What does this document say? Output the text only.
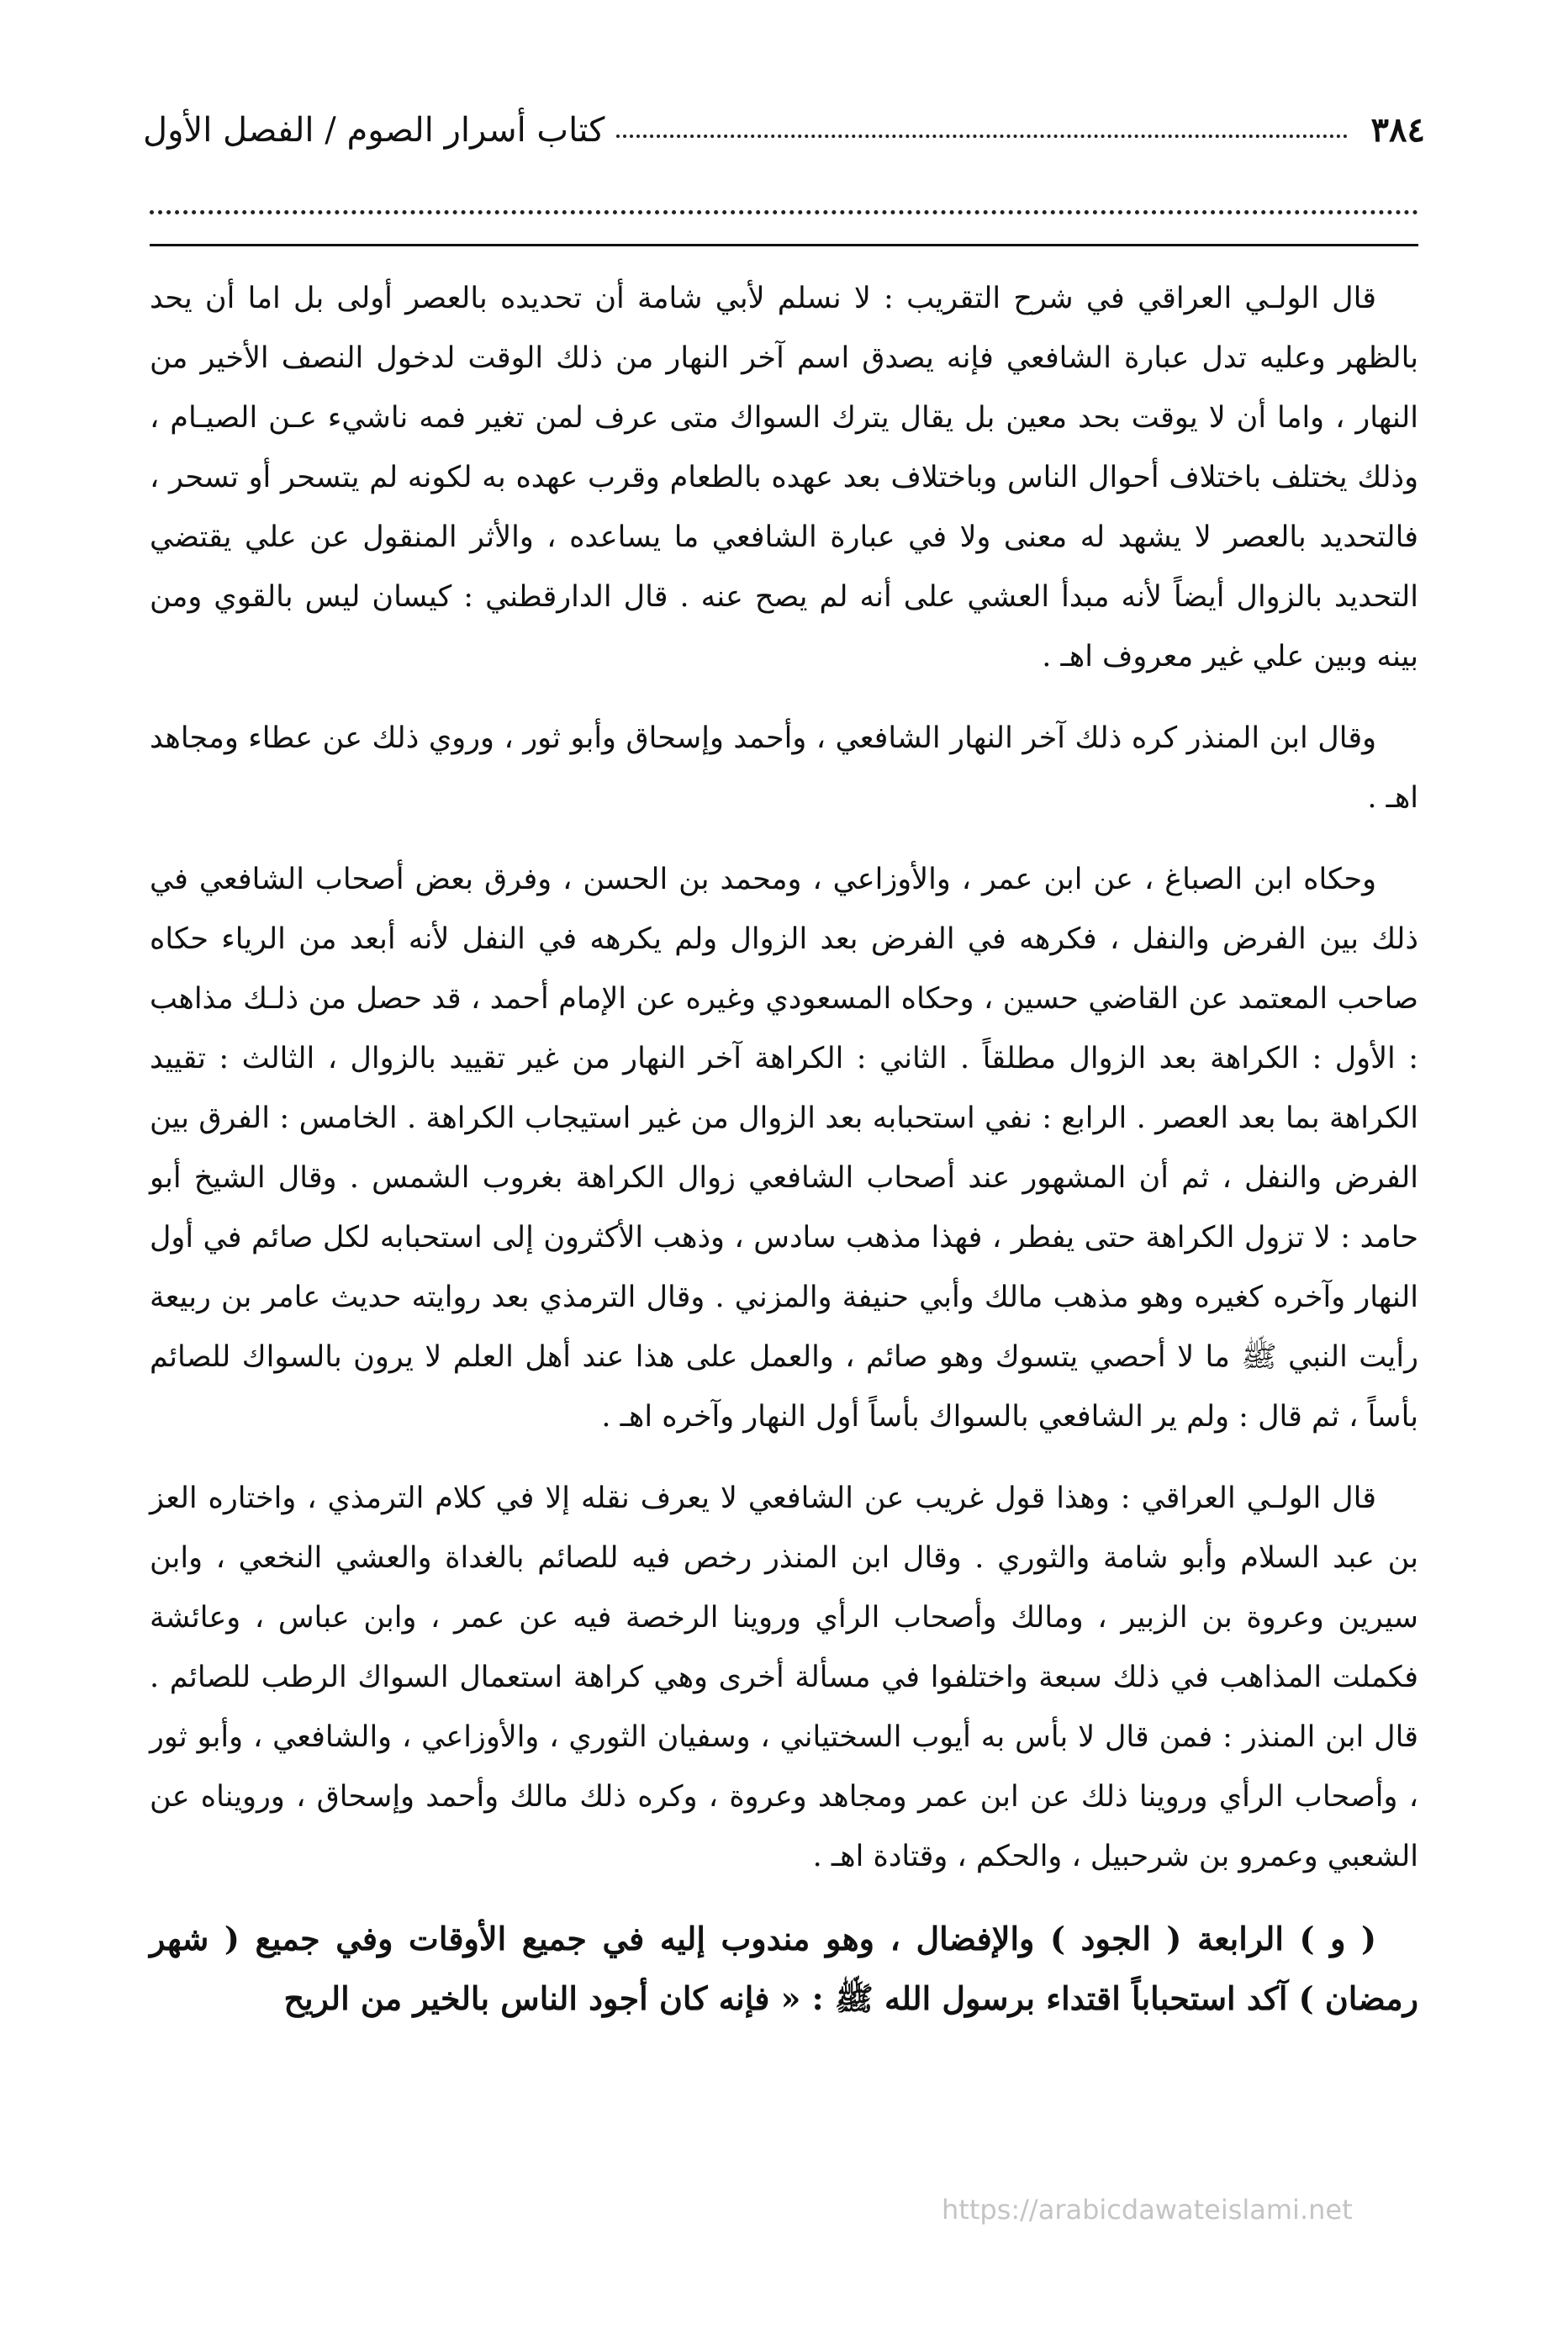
٣٨٤
كتاب أسرار الصوم / الفصل الأول

قال الولـي العراقي في شرح التقريب : لا نسلم لأبي شامة أن تحديده بالعصر أولى بل اما أن يحد بالظهر وعليه تدل عبارة الشافعي فإنه يصدق اسم آخر النهار من ذلك الوقت لدخول النصف الأخير من النهار ، واما أن لا يوقت بحد معين بل يقال يترك السواك متى عرف لمن تغير فمه ناشيء عـن الصيـام ، وذلك يختلف باختلاف أحوال الناس وباختلاف بعد عهده بالطعام وقرب عهده به لكونه لم يتسحر أو تسحر ، فالتحديد بالعصر لا يشهد له معنى ولا في عبارة الشافعي ما يساعده ، والأثر المنقول عن علي يقتضي التحديد بالزوال أيضاً لأنه مبدأ العشي على أنه لم يصح عنه . قال الدارقطني : كيسان ليس بالقوي ومن بينه وبين علي غير معروف اهـ .

وقال ابن المنذر كره ذلك آخر النهار الشافعي ، وأحمد وإسحاق وأبو ثور ، وروي ذلك عن عطاء ومجاهد اهـ .

وحكاه ابن الصباغ ، عن ابن عمر ، والأوزاعي ، ومحمد بن الحسن ، وفرق بعض أصحاب الشافعي في ذلك بين الفرض والنفل ، فكرهه في الفرض بعد الزوال ولم يكرهه في النفل لأنه أبعد من الرياء حكاه صاحب المعتمد عن القاضي حسين ، وحكاه المسعودي وغيره عن الإمام أحمد ، قد حصل من ذلـك مذاهب : الأول : الكراهة بعد الزوال مطلقاً . الثاني : الكراهة آخر النهار من غير تقييد بالزوال ، الثالث : تقييد الكراهة بما بعد العصر . الرابع : نفي استحبابه بعد الزوال من غير استيجاب الكراهة . الخامس : الفرق بين الفرض والنفل ، ثم أن المشهور عند أصحاب الشافعي زوال الكراهة بغروب الشمس . وقال الشيخ أبو حامد : لا تزول الكراهة حتى يفطر ، فهذا مذهب سادس ، وذهب الأكثرون إلى استحبابه لكل صائم في أول النهار وآخره كغيره وهو مذهب مالك وأبي حنيفة والمزني . وقال الترمذي بعد روايته حديث عامر بن ربيعة رأيت النبي ﷺ ما لا أحصي يتسوك وهو صائم ، والعمل على هذا عند أهل العلم لا يرون بالسواك للصائم بأساً ، ثم قال : ولم ير الشافعي بالسواك بأساً أول النهار وآخره اهـ .

قال الولـي العراقي : وهذا قول غريب عن الشافعي لا يعرف نقله إلا في كلام الترمذي ، واختاره العز بن عبد السلام وأبو شامة والثوري . وقال ابن المنذر رخص فيه للصائم بالغداة والعشي النخعي ، وابن سيرين وعروة بن الزبير ، ومالك وأصحاب الرأي وروينا الرخصة فيه عن عمر ، وابن عباس ، وعائشة فكملت المذاهب في ذلك سبعة واختلفوا في مسألة أخرى وهي كراهة استعمال السواك الرطب للصائم . قال ابن المنذر : فمن قال لا بأس به أيوب السختياني ، وسفيان الثوري ، والأوزاعي ، والشافعي ، وأبو ثور ، وأصحاب الرأي وروينا ذلك عن ابن عمر ومجاهد وعروة ، وكره ذلك مالك وأحمد وإسحاق ، ورويناه عن الشعبي وعمرو بن شرحبيل ، والحكم ، وقتادة اهـ .

( و ) الرابعة ( الجود ) والإفضال ، وهو مندوب إليه في جميع الأوقات وفي جميع ( شهر رمضان ) آكد استحباباً اقتداء برسول الله ﷺ : « فإنه كان أجود الناس بالخير من الريح

https://arabicdawateislami.net
